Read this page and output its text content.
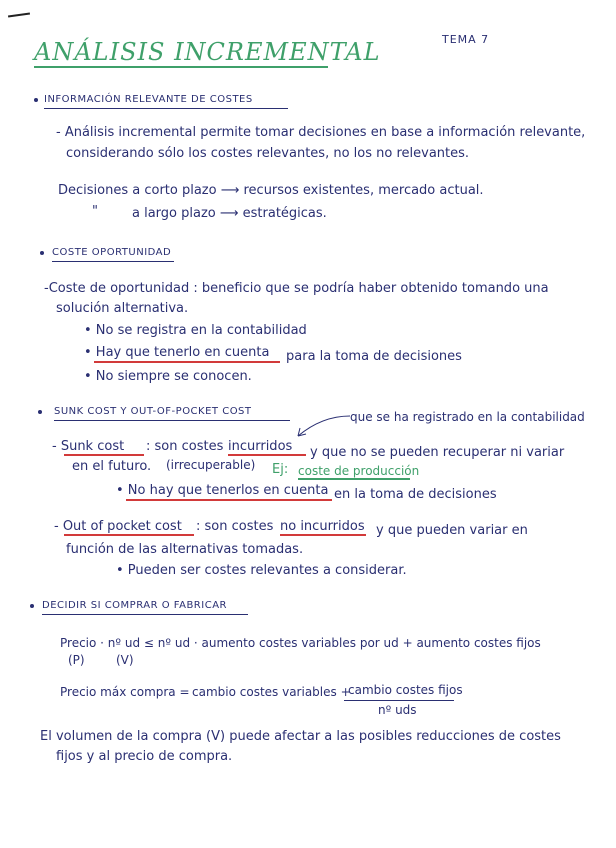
ANÁLISIS INCREMENTAL	TEMA 7
INFORMACIÓN RELEVANTE DE COSTES
- Análisis incremental permite tomar decisiones en base a información relevante,
considerando sólo los costes relevantes, no los no relevantes.
Decisiones a corto plazo ⟶ recursos existentes, mercado actual.
"	a largo plazo ⟶ estratégicas.
COSTE OPORTUNIDAD
-Coste de oportunidad : beneficio que se podría haber obtenido tomando una
solución alternativa.
• No se registra en la contabilidad
• Hay que tenerlo en cuenta para la toma de decisiones
• No siempre se conocen.
SUNK COST Y OUT-OF-POCKET COST	que se ha registrado en la contabilidad
- Sunk cost : son costes incurridos y que no se pueden recuperar ni variar
en el futuro. (irrecuperable) Ej: coste de producción
• No hay que tenerlos en cuenta en la toma de decisiones
- Out of pocket cost : son costes no incurridos y que pueden variar en
función de las alternativas tomadas.
• Pueden ser costes relevantes a considerar.
DECIDIR SI COMPRAR O FABRICAR
Precio · nº ud ≤ nº ud · aumento costes variables por ud + aumento costes fijos
(P)	(V)
Precio máx compra = cambio costes variables +
cambio costes fijos
nº uds
El volumen de la compra (V) puede afectar a las posibles reducciones de costes
fijos y al precio de compra.
